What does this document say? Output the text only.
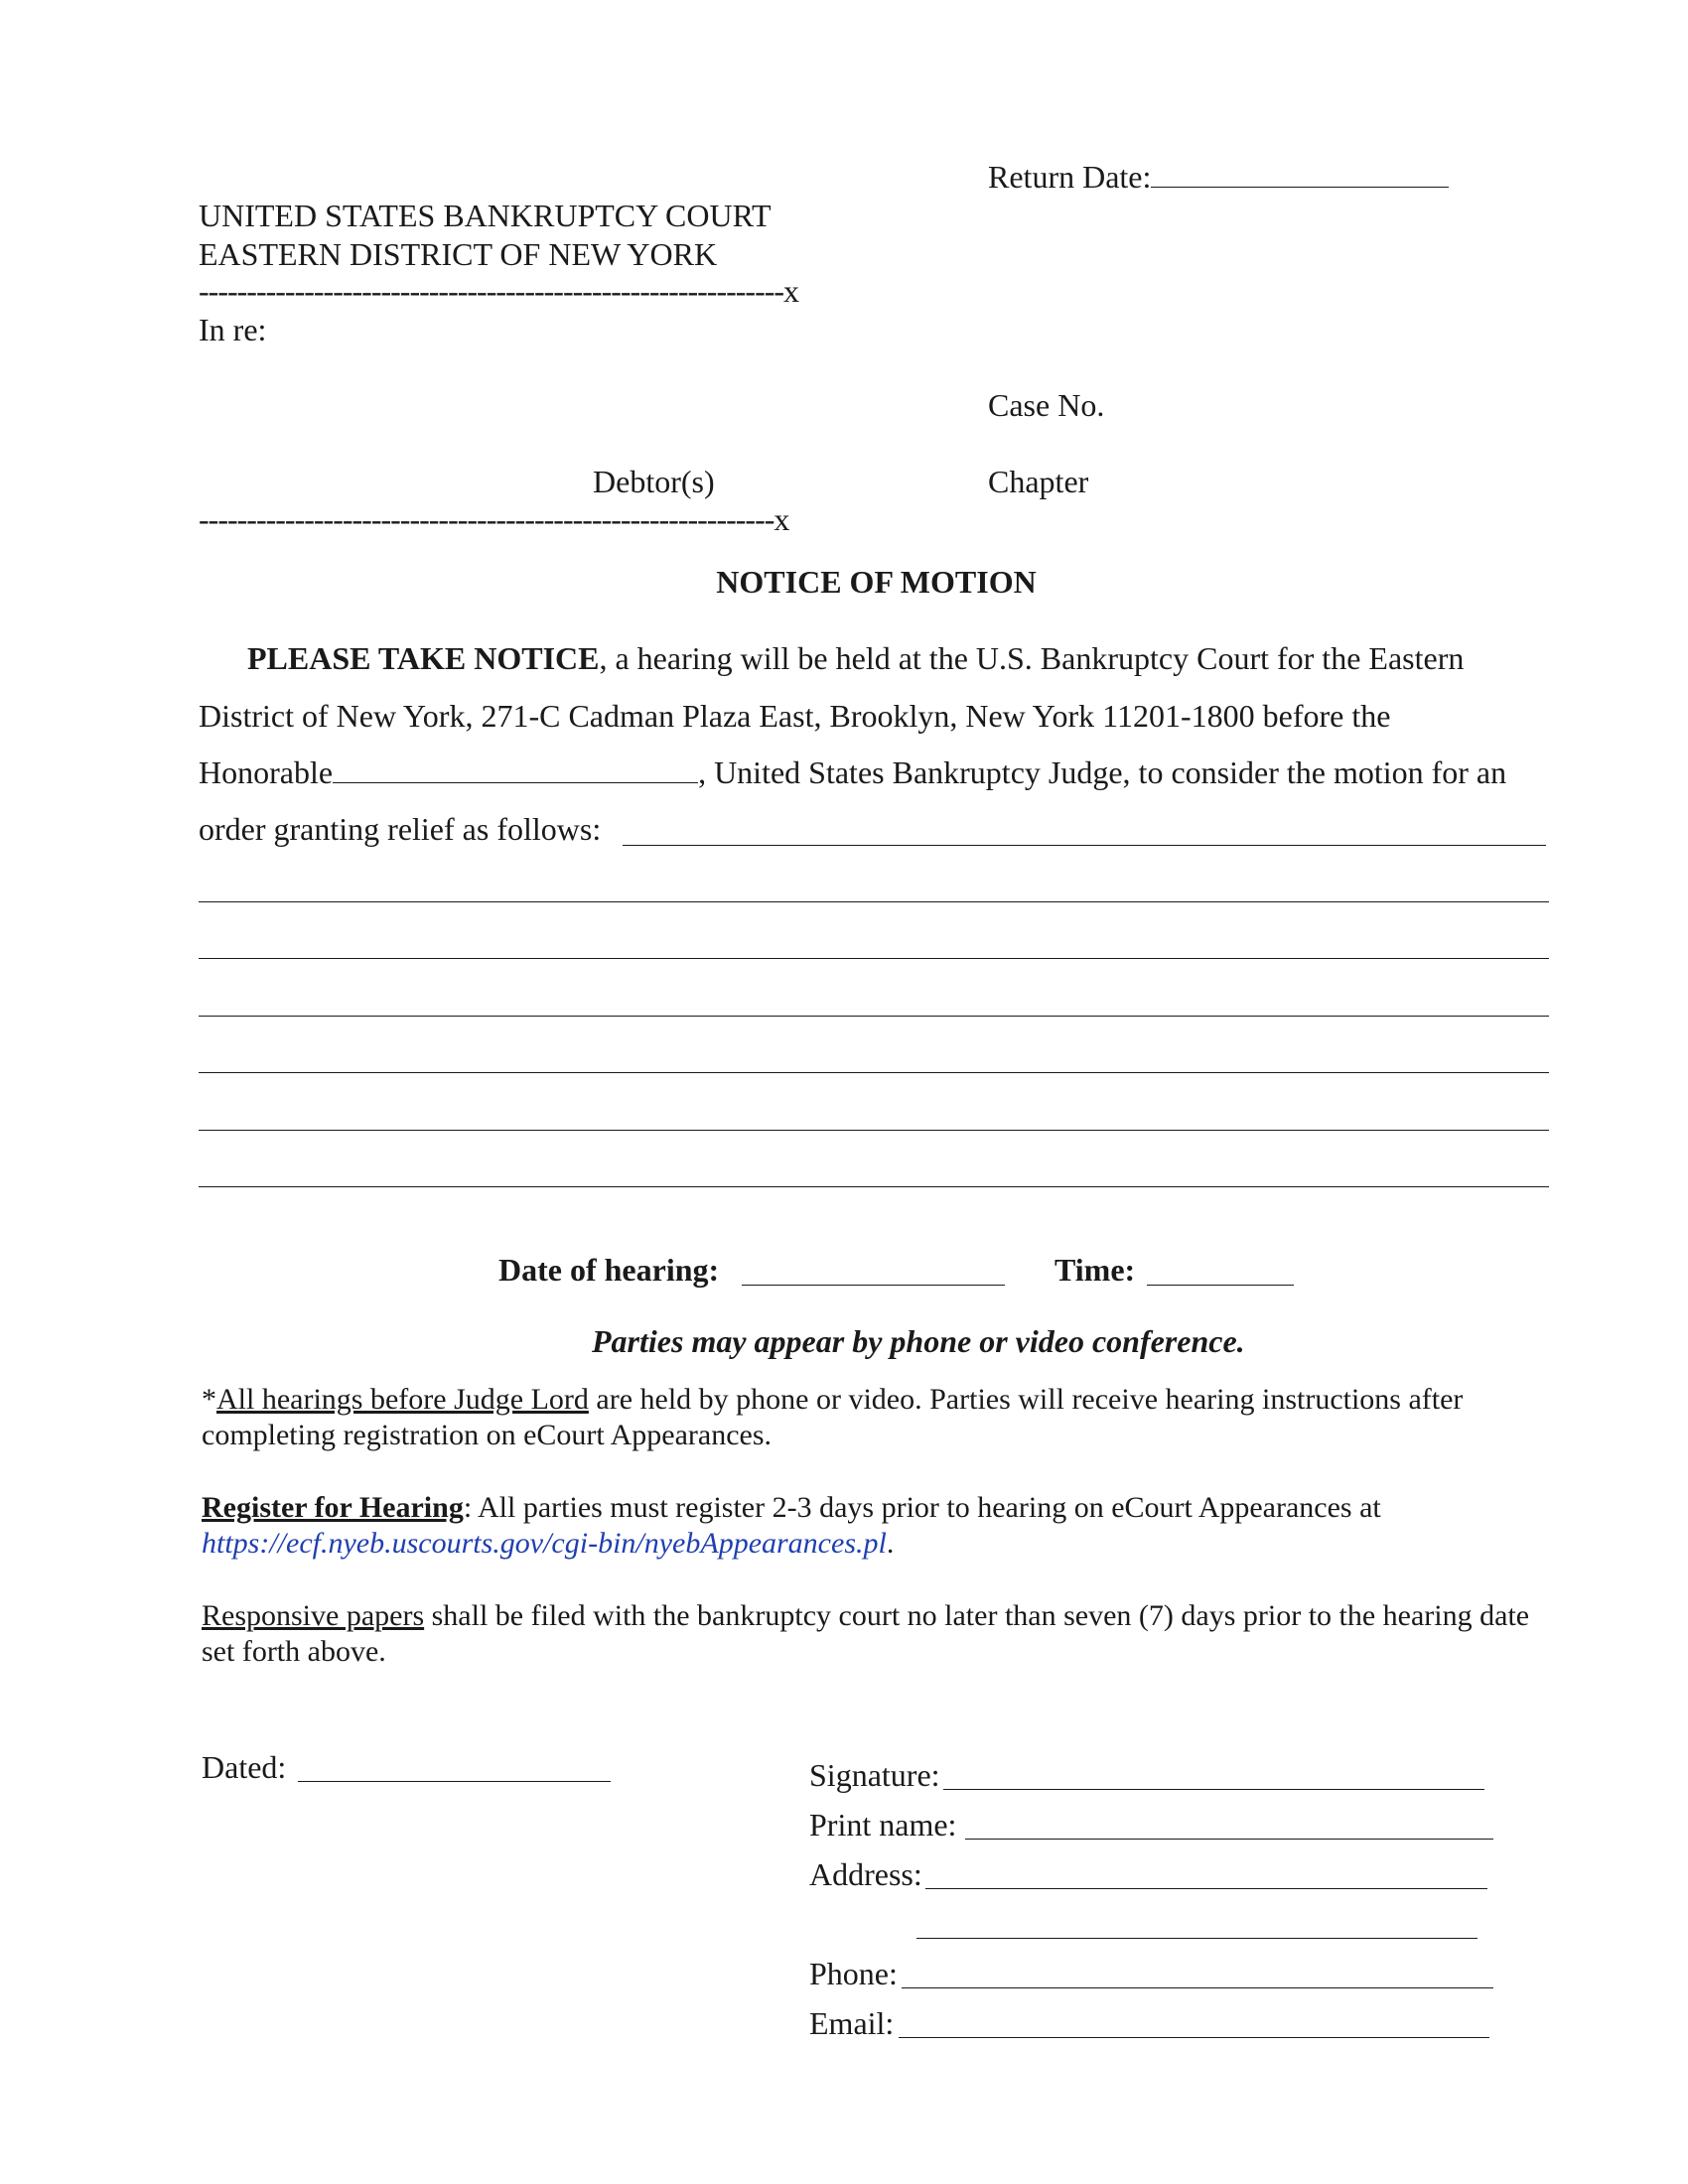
Return Date:
UNITED STATES BANKRUPTCY COURT
EASTERN DISTRICT OF NEW YORK
-------------------------------------------------------------x
In re:
Case No.
Debtor(s)	Chapter
------------------------------------------------------------x
NOTICE OF MOTION
PLEASE TAKE NOTICE, a hearing will be held at the U.S. Bankruptcy Court for the Eastern
District of New York, 271-C Cadman Plaza East, Brooklyn, New York 11201-1800 before the
Honorable	, United States Bankruptcy Judge, to consider the motion for an
order granting relief as follows:
Date of hearing:	Time:
Parties may appear by phone or video conference.
*All hearings before Judge Lord are held by phone or video. Parties will receive hearing instructions after
completing registration on eCourt Appearances.
Register for Hearing: All parties must register 2-3 days prior to hearing on eCourt Appearances at
https://ecf.nyeb.uscourts.gov/cgi-bin/nyebAppearances.pl.
Responsive papers shall be filed with the bankruptcy court no later than seven (7) days prior to the hearing date
set forth above.
Dated:	Signature:
Print name:
Address:
Phone:
Email:
